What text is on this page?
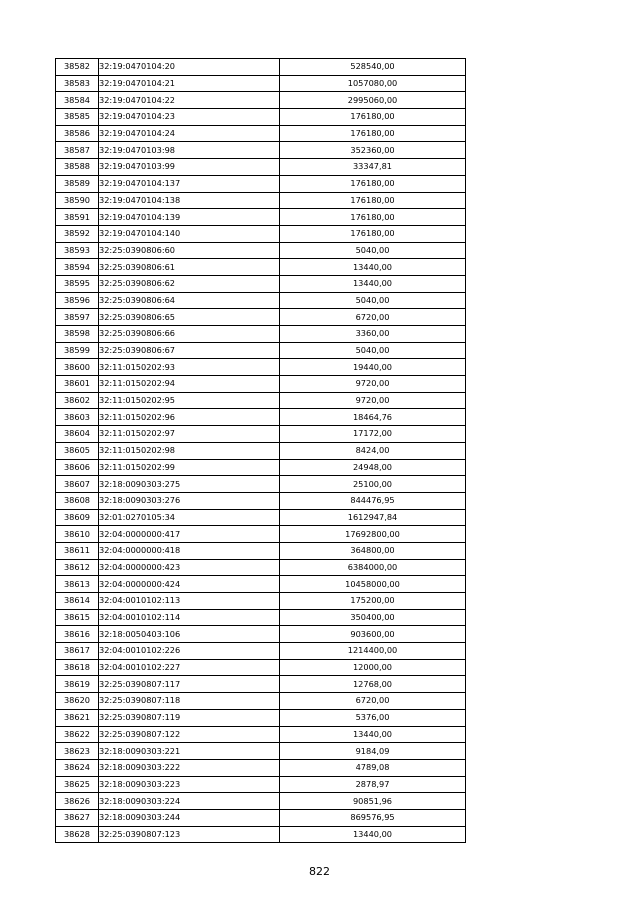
38582	32:19:0470104:20	528540,00
38583	32:19:0470104:21	1057080,00
38584	32:19:0470104:22	2995060,00
38585	32:19:0470104:23	176180,00
38586	32:19:0470104:24	176180,00
38587	32:19:0470103:98	352360,00
38588	32:19:0470103:99	33347,81
38589	32:19:0470104:137	176180,00
38590	32:19:0470104:138	176180,00
38591	32:19:0470104:139	176180,00
38592	32:19:0470104:140	176180,00
38593	32:25:0390806:60	5040,00
38594	32:25:0390806:61	13440,00
38595	32:25:0390806:62	13440,00
38596	32:25:0390806:64	5040,00
38597	32:25:0390806:65	6720,00
38598	32:25:0390806:66	3360,00
38599	32:25:0390806:67	5040,00
38600	32:11:0150202:93	19440,00
38601	32:11:0150202:94	9720,00
38602	32:11:0150202:95	9720,00
38603	32:11:0150202:96	18464,76
38604	32:11:0150202:97	17172,00
38605	32:11:0150202:98	8424,00
38606	32:11:0150202:99	24948,00
38607	32:18:0090303:275	25100,00
38608	32:18:0090303:276	844476,95
38609	32:01:0270105:34	1612947,84
38610	32:04:0000000:417	17692800,00
38611	32:04:0000000:418	364800,00
38612	32:04:0000000:423	6384000,00
38613	32:04:0000000:424	10458000,00
38614	32:04:0010102:113	175200,00
38615	32:04:0010102:114	350400,00
38616	32:18:0050403:106	903600,00
38617	32:04:0010102:226	1214400,00
38618	32:04:0010102:227	12000,00
38619	32:25:0390807:117	12768,00
38620	32:25:0390807:118	6720,00
38621	32:25:0390807:119	5376,00
38622	32:25:0390807:122	13440,00
38623	32:18:0090303:221	9184,09
38624	32:18:0090303:222	4789,08
38625	32:18:0090303:223	2878,97
38626	32:18:0090303:224	90851,96
38627	32:18:0090303:244	869576,95
38628	32:25:0390807:123	13440,00
822
